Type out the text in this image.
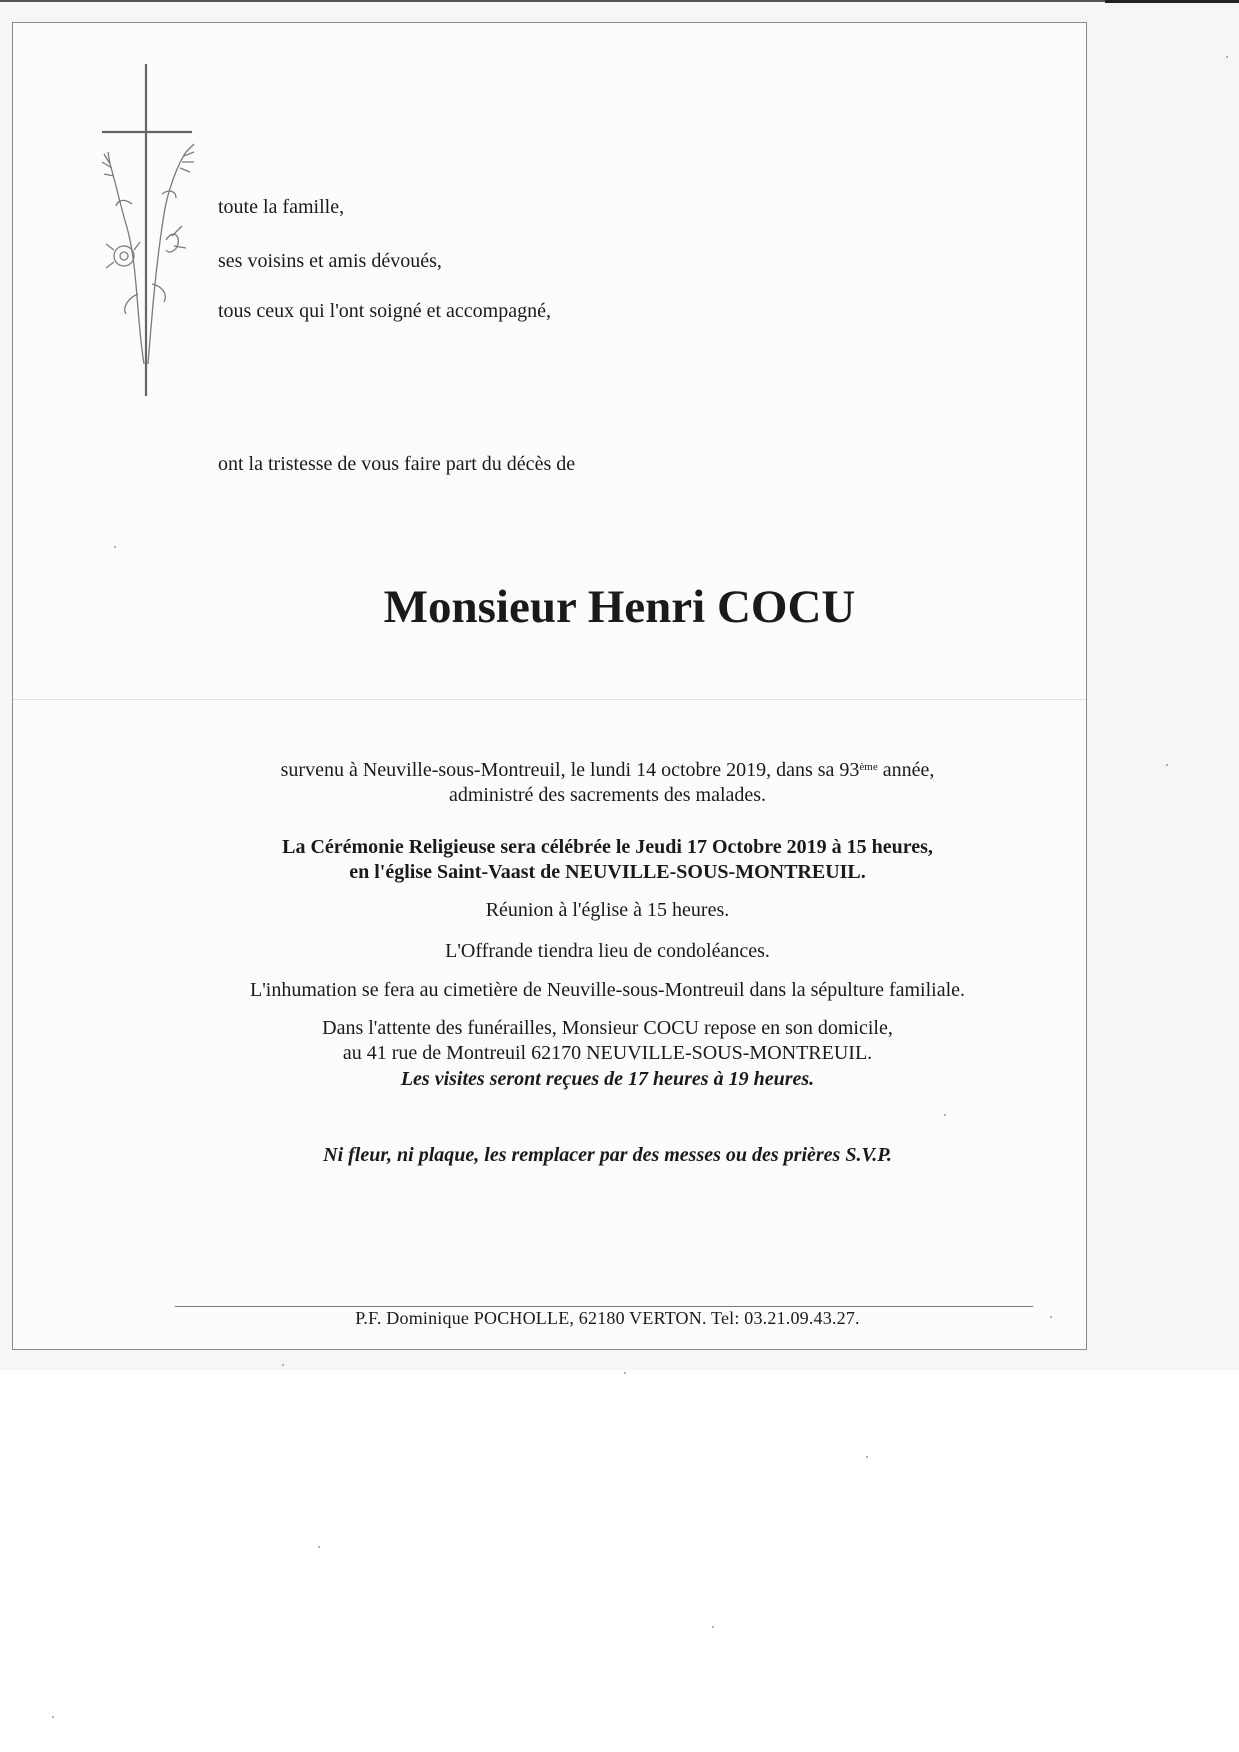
toute la famille,
ses voisins et amis dévoués,
tous ceux qui l'ont soigné et accompagné,
ont la tristesse de vous faire part du décès de
Monsieur Henri COCU
survenu à Neuville-sous-Montreuil, le lundi 14 octobre 2019, dans sa 93ème année,
administré des sacrements des malades.
La Cérémonie Religieuse sera célébrée le Jeudi 17 Octobre 2019 à 15 heures,
en l'église Saint-Vaast de NEUVILLE-SOUS-MONTREUIL.
Réunion à l'église à 15 heures.
L'Offrande tiendra lieu de condoléances.
L'inhumation se fera au cimetière de Neuville-sous-Montreuil dans la sépulture familiale.
Dans l'attente des funérailles, Monsieur COCU repose en son domicile,
au 41 rue de Montreuil 62170 NEUVILLE-SOUS-MONTREUIL.
Les visites seront reçues de 17 heures à 19 heures.
Ni fleur, ni plaque, les remplacer par des messes ou des prières S.V.P.
P.F. Dominique POCHOLLE, 62180 VERTON. Tel: 03.21.09.43.27.
